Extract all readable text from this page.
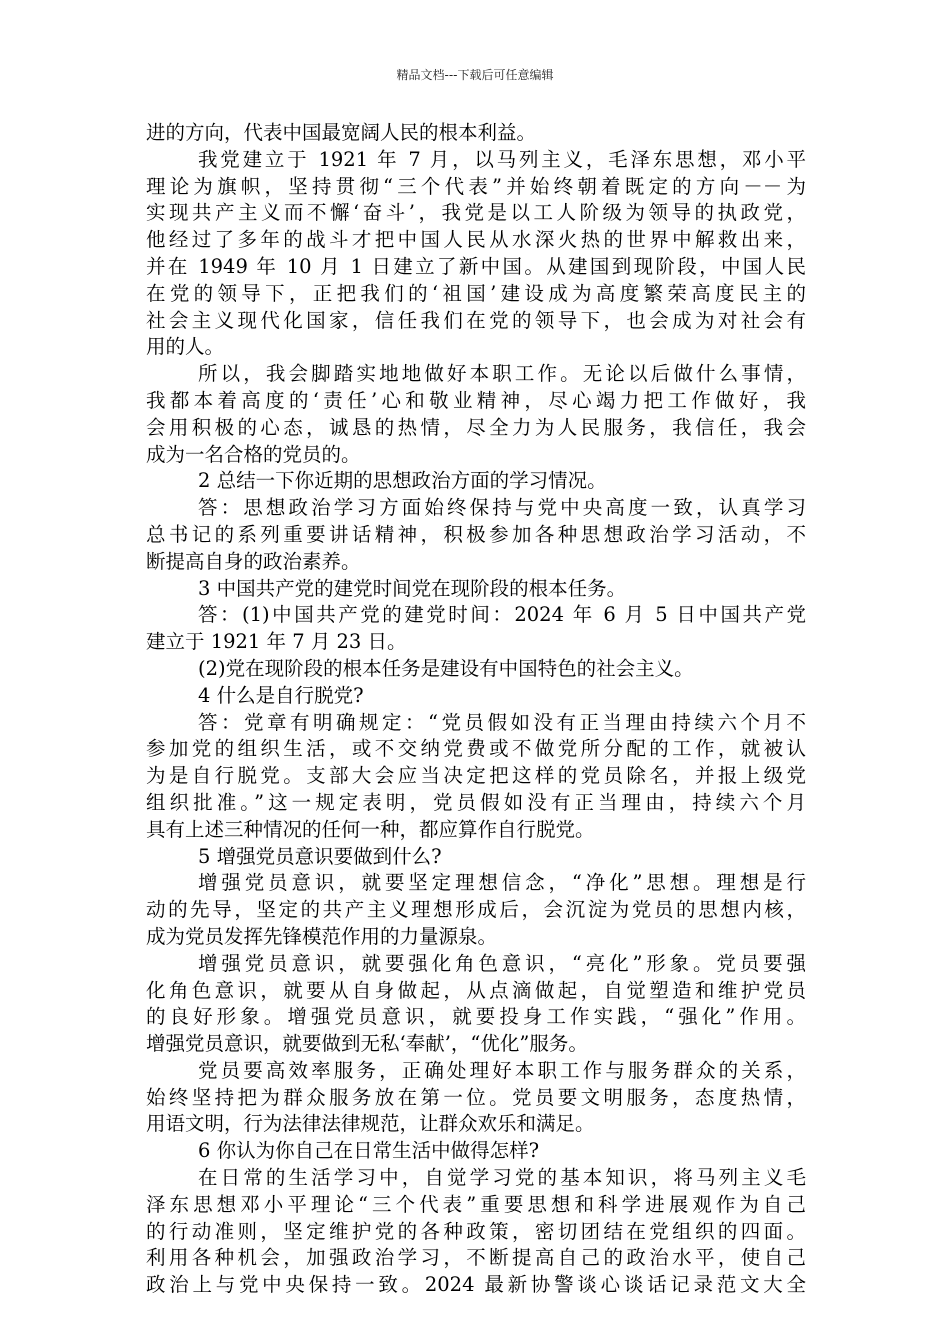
精品文档---下载后可任意编辑
进的方向，代表中国最宽阔人民的根本利益。
我党建立于 1921 年 7 月，以马列主义，毛泽东思想，邓小平
理论为旗帜，坚持贯彻“三个代表”并始终朝着既定的方向－－为
实现共产主义而不懈‘奋斗’，我党是以工人阶级为领导的执政党，
他经过了多年的战斗才把中国人民从水深火热的世界中解救出来，
并在 1949 年 10 月 1 日建立了新中国。从建国到现阶段，中国人民
在党的领导下，正把我们的‘祖国’建设成为高度繁荣高度民主的
社会主义现代化国家，信任我们在党的领导下，也会成为对社会有
用的人。
所以，我会脚踏实地地做好本职工作。无论以后做什么事情，
我都本着高度的‘责任’心和敬业精神，尽心竭力把工作做好，我
会用积极的心态，诚恳的热情，尽全力为人民服务，我信任，我会
成为一名合格的党员的。
2 总结一下你近期的思想政治方面的学习情况。
答：思想政治学习方面始终保持与党中央高度一致，认真学习
总书记的系列重要讲话精神，积极参加各种思想政治学习活动，不
断提高自身的政治素养。
3 中国共产党的建党时间党在现阶段的根本任务。
答：(1)中国共产党的建党时间：2024 年 6 月 5 日中国共产党
建立于 1921 年 7 月 23 日。
(2)党在现阶段的根本任务是建设有中国特色的社会主义。
4 什么是自行脱党?
答：党章有明确规定：“党员假如没有正当理由持续六个月不
参加党的组织生活，或不交纳党费或不做党所分配的工作，就被认
为是自行脱党。支部大会应当决定把这样的党员除名，并报上级党
组织批准。”这一规定表明，党员假如没有正当理由，持续六个月
具有上述三种情况的任何一种，都应算作自行脱党。
5 增强党员意识要做到什么?
增强党员意识，就要坚定理想信念，“净化”思想。理想是行
动的先导，坚定的共产主义理想形成后，会沉淀为党员的思想内核，
成为党员发挥先锋模范作用的力量源泉。
增强党员意识，就要强化角色意识，“亮化”形象。党员要强
化角色意识，就要从自身做起，从点滴做起，自觉塑造和维护党员
的良好形象。增强党员意识，就要投身工作实践，“强化”作用。
增强党员意识，就要做到无私‘奉献’，“优化”服务。
党员要高效率服务，正确处理好本职工作与服务群众的关系，
始终坚持把为群众服务放在第一位。党员要文明服务，态度热情，
用语文明，行为法律法律规范，让群众欢乐和满足。
6 你认为你自己在日常生活中做得怎样?
在日常的生活学习中，自觉学习党的基本知识，将马列主义毛
泽东思想邓小平理论“三个代表”重要思想和科学进展观作为自己
的行动准则，坚定维护党的各种政策，密切团结在党组织的四面。
利用各种机会，加强政治学习，不断提高自己的政治水平，使自己
政治上与党中央保持一致。2024 最新协警谈心谈话记录范文大全
